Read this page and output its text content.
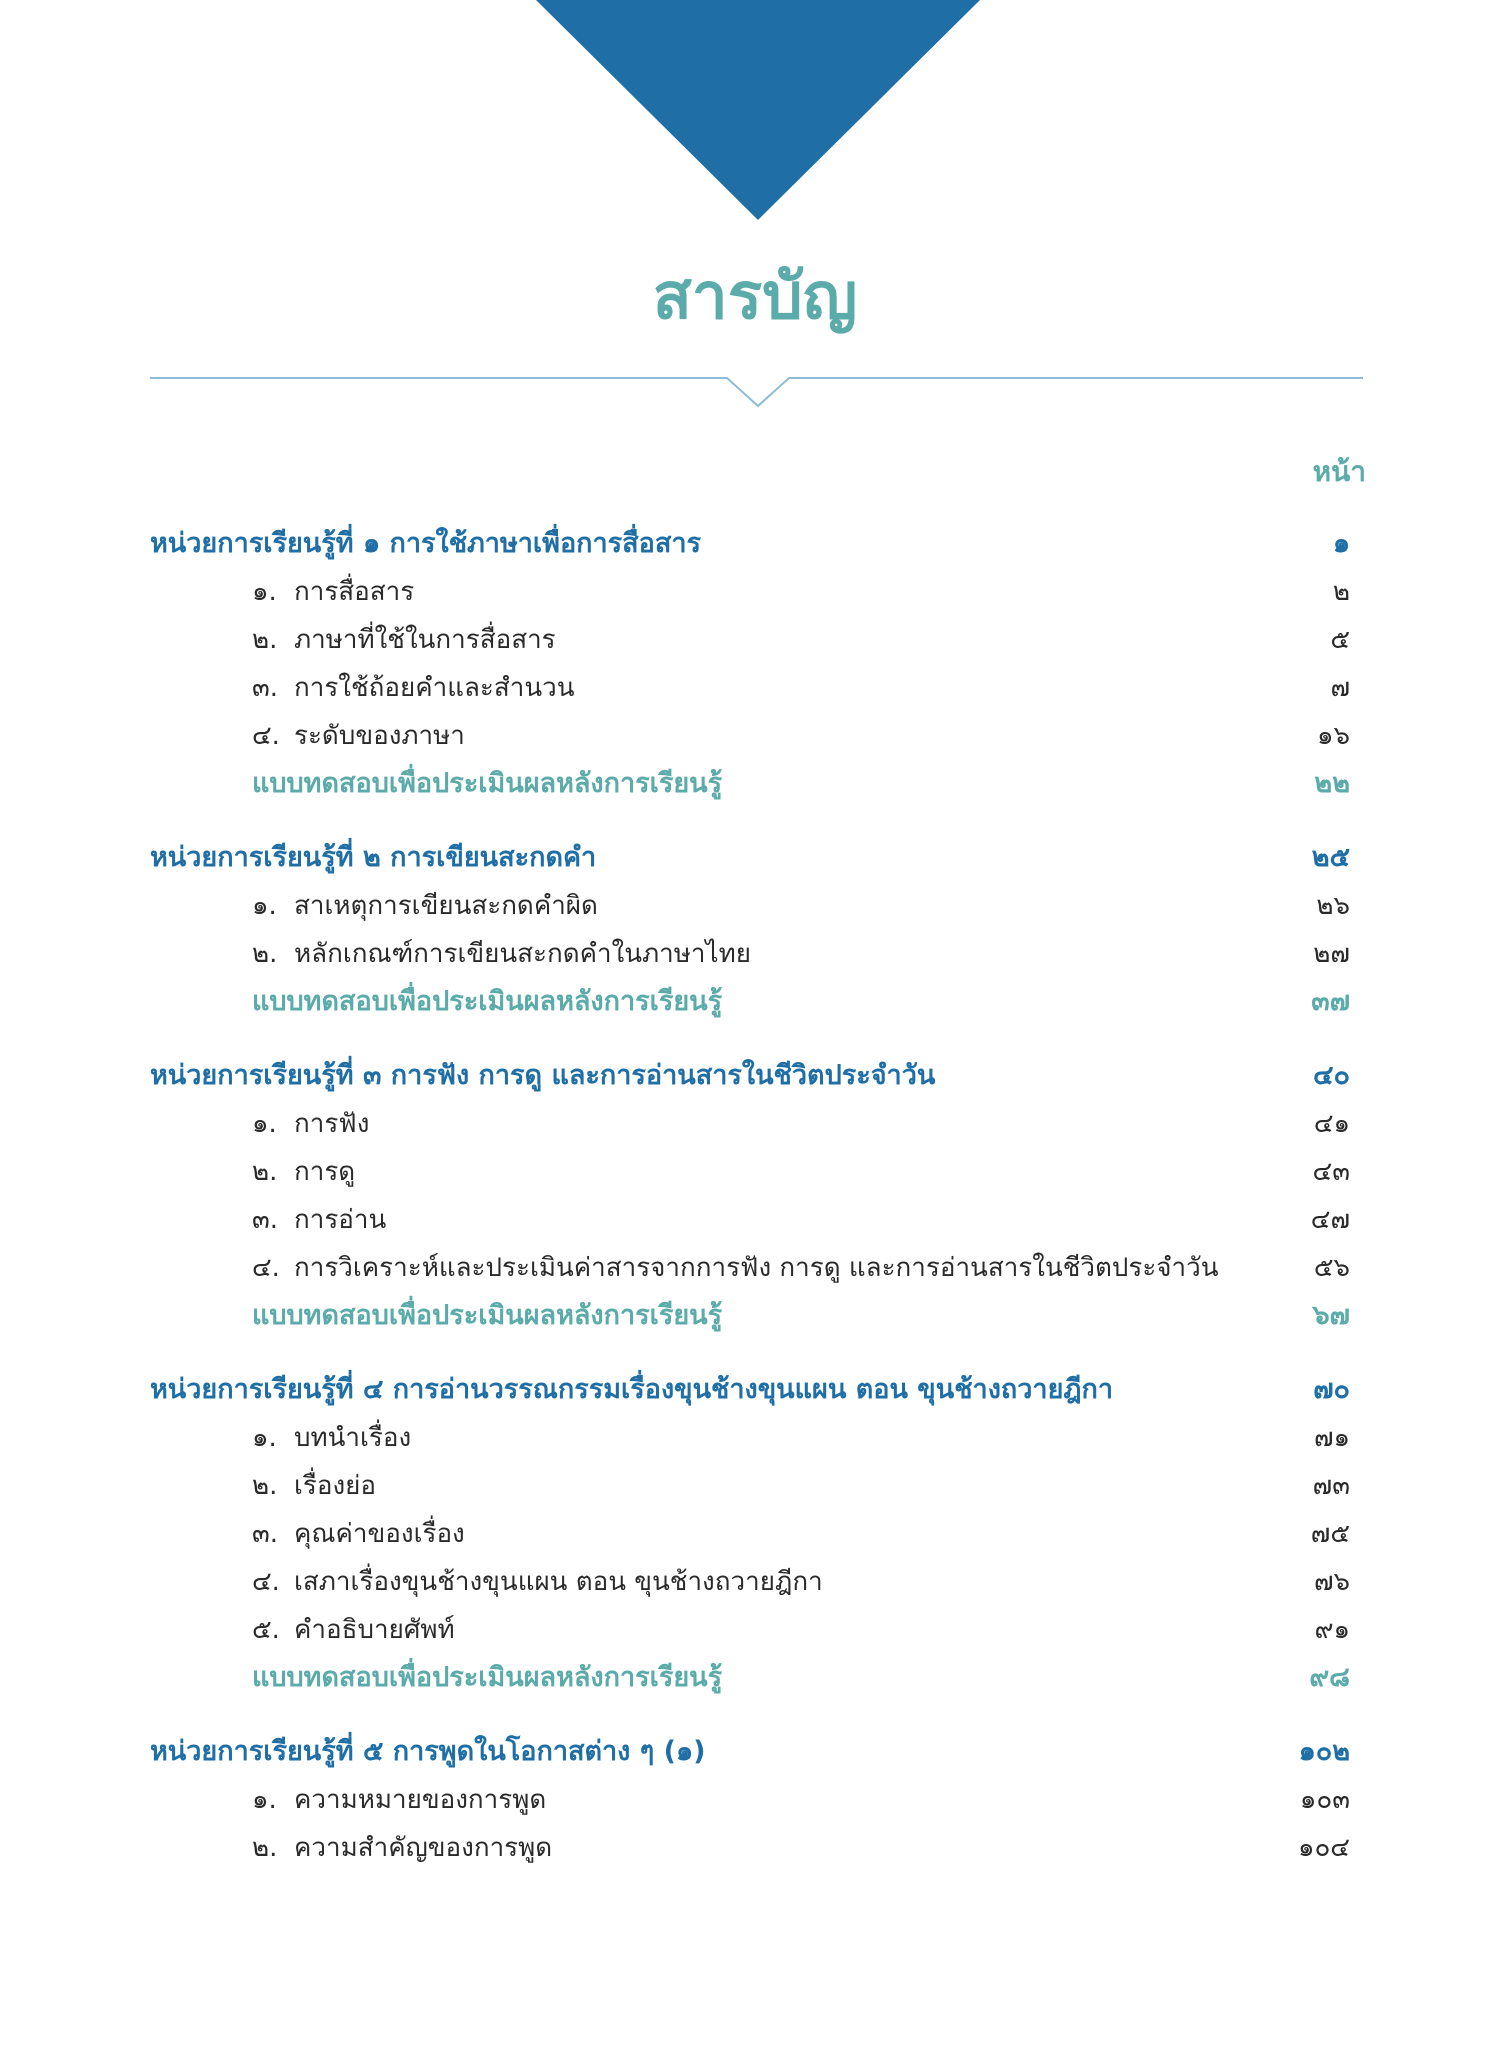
สารบัญ
หน้า
หน่วยการเรียนรู้ที่ ๑ การใช้ภาษาเพื่อการสื่อสาร	๑
๑. การสื่อสาร	๒
๒. ภาษาที่ใช้ในการสื่อสาร	๕
๓. การใช้ถ้อยคำและสำนวน	๗
๔. ระดับของภาษา	๑๖
แบบทดสอบเพื่อประเมินผลหลังการเรียนรู้	๒๒
หน่วยการเรียนรู้ที่ ๒ การเขียนสะกดคำ	๒๕
๑. สาเหตุการเขียนสะกดคำผิด	๒๖
๒. หลักเกณฑ์การเขียนสะกดคำในภาษาไทย	๒๗
แบบทดสอบเพื่อประเมินผลหลังการเรียนรู้	๓๗
หน่วยการเรียนรู้ที่ ๓ การฟัง การดู และการอ่านสารในชีวิตประจำวัน	๔๐
๑. การฟัง	๔๑
๒. การดู	๔๓
๓. การอ่าน	๔๗
๔. การวิเคราะห์และประเมินค่าสารจากการฟัง การดู และการอ่านสารในชีวิตประจำวัน	๕๖
แบบทดสอบเพื่อประเมินผลหลังการเรียนรู้	๖๗
หน่วยการเรียนรู้ที่ ๔ การอ่านวรรณกรรมเรื่องขุนช้างขุนแผน ตอน ขุนช้างถวายฎีกา	๗๐
๑. บทนำเรื่อง	๗๑
๒. เรื่องย่อ	๗๓
๓. คุณค่าของเรื่อง	๗๕
๔. เสภาเรื่องขุนช้างขุนแผน ตอน ขุนช้างถวายฎีกา	๗๖
๕. คำอธิบายศัพท์	๙๑
แบบทดสอบเพื่อประเมินผลหลังการเรียนรู้	๙๘
หน่วยการเรียนรู้ที่ ๕ การพูดในโอกาสต่าง ๆ (๑)	๑๐๒
๑. ความหมายของการพูด	๑๐๓
๒. ความสำคัญของการพูด	๑๐๔
